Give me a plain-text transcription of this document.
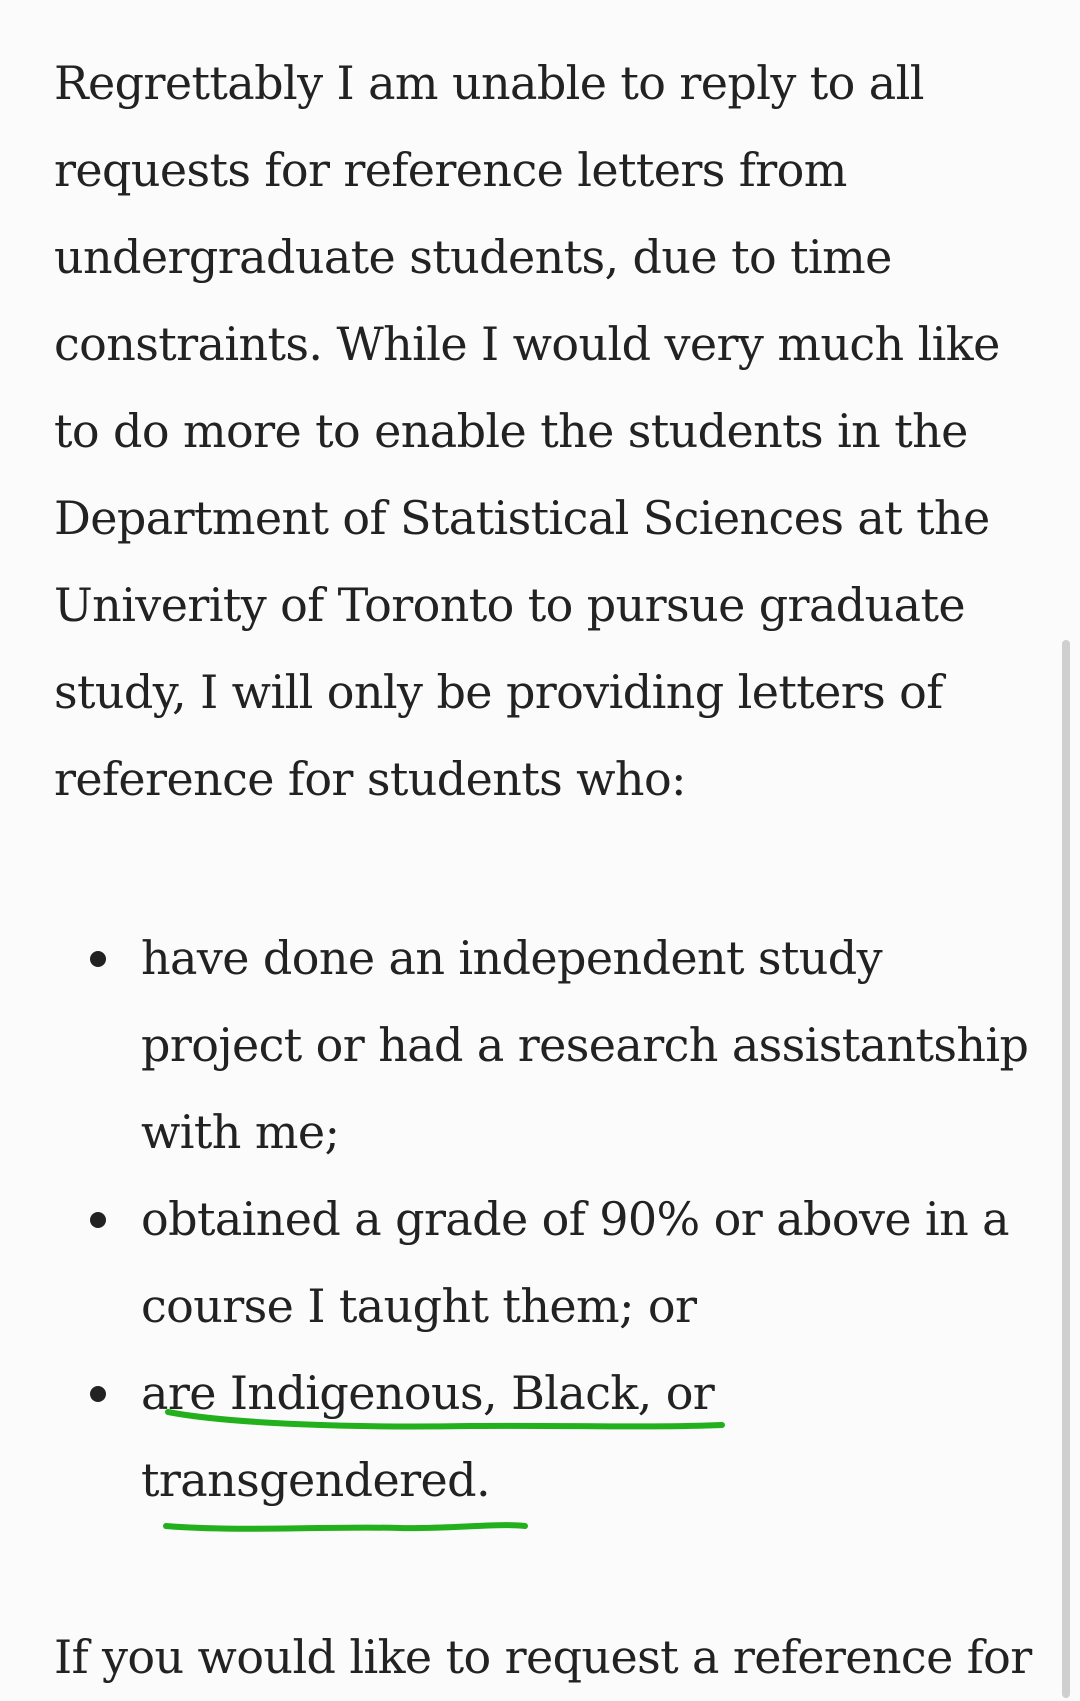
Regrettably I am unable to reply to all
requests for reference letters from
undergraduate students, due to time
constraints. While I would very much like
to do more to enable the students in the
Department of Statistical Sciences at the
Univerity of Toronto to pursue graduate
study, I will only be providing letters of
reference for students who:

have done an independent study
project or had a research assistantship
with me;
obtained a grade of 90% or above in a
course I taught them; or
are Indigenous, Black, or
transgendered.

If you would like to request a reference for
